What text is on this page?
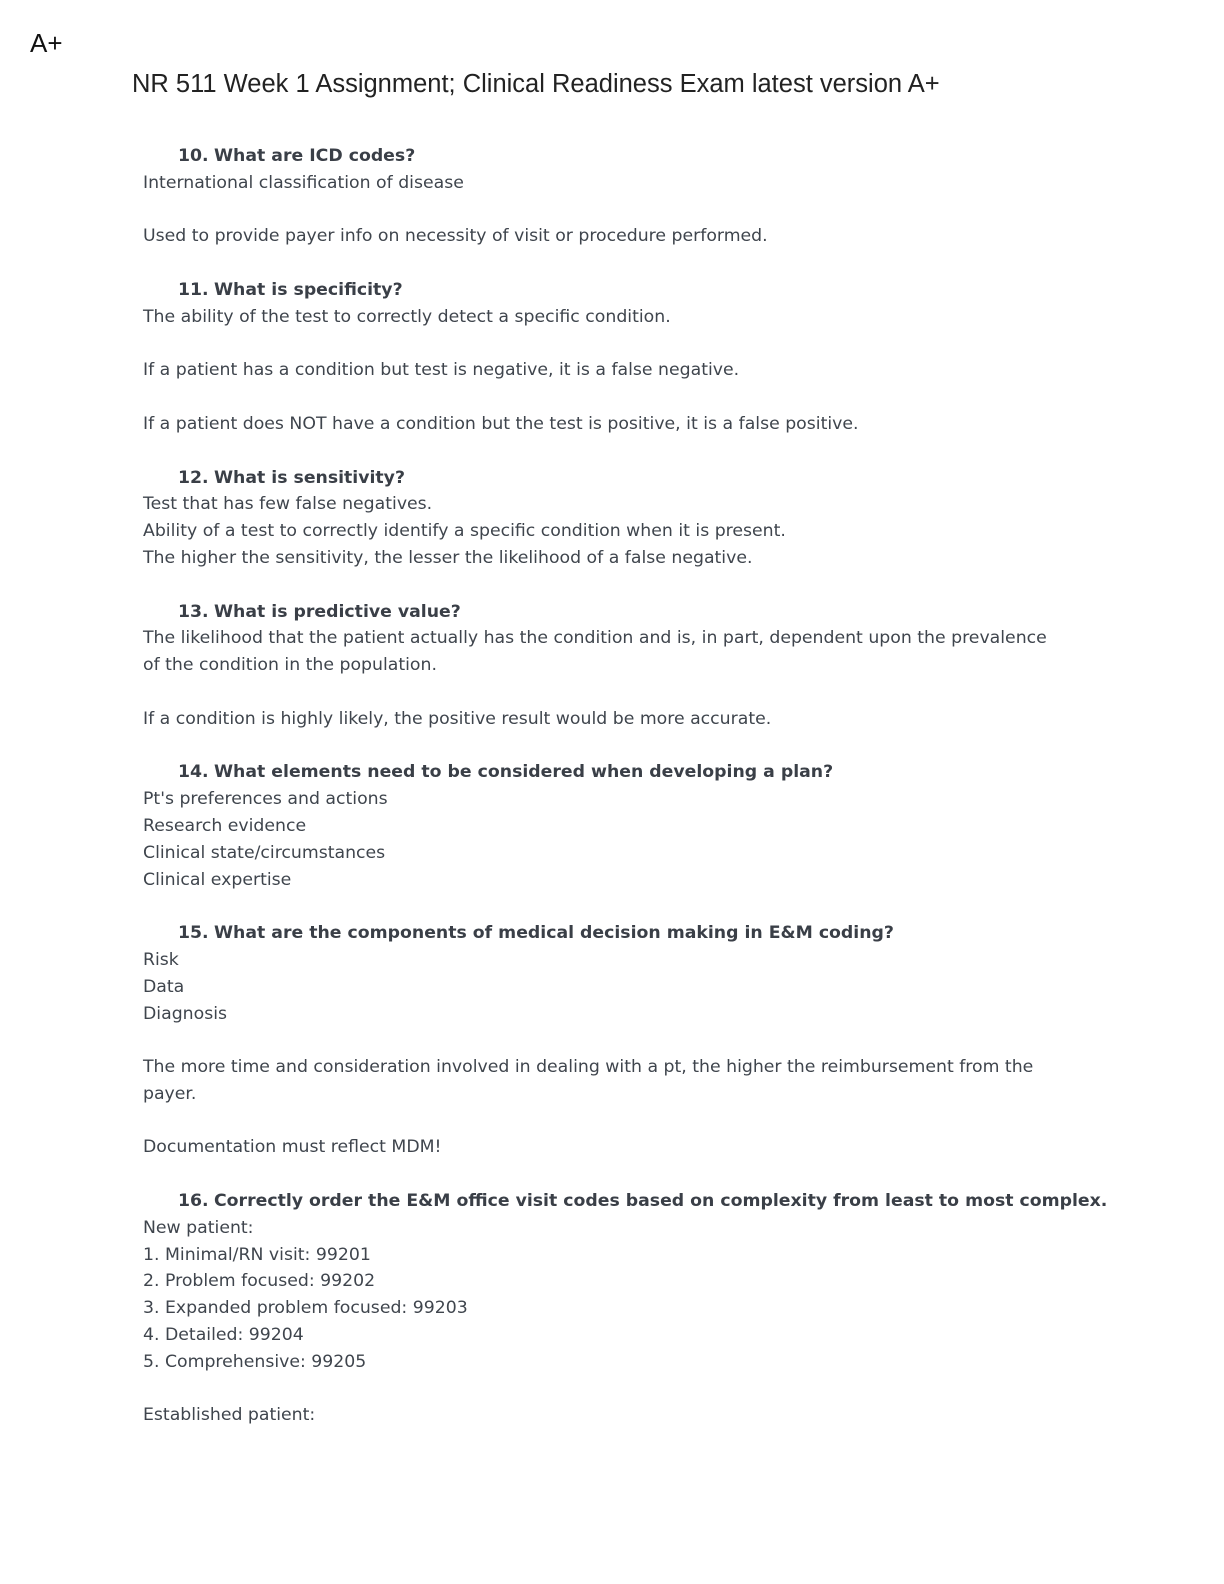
A+
NR 511 Week 1 Assignment; Clinical Readiness Exam latest version A+
10. What are ICD codes?
International classification of disease
Used to provide payer info on necessity of visit or procedure performed.
11. What is specificity?
The ability of the test to correctly detect a specific condition.
If a patient has a condition but test is negative, it is a false negative.
If a patient does NOT have a condition but the test is positive, it is a false positive.
12. What is sensitivity?
Test that has few false negatives.
Ability of a test to correctly identify a specific condition when it is present.
The higher the sensitivity, the lesser the likelihood of a false negative.
13. What is predictive value?
The likelihood that the patient actually has the condition and is, in part, dependent upon the prevalence
of the condition in the population.
If a condition is highly likely, the positive result would be more accurate.
14. What elements need to be considered when developing a plan?
Pt's preferences and actions
Research evidence
Clinical state/circumstances
Clinical expertise
15. What are the components of medical decision making in E&M coding?
Risk
Data
Diagnosis
The more time and consideration involved in dealing with a pt, the higher the reimbursement from the
payer.
Documentation must reflect MDM!
16. Correctly order the E&M office visit codes based on complexity from least to most complex.
New patient:
1. Minimal/RN visit: 99201
2. Problem focused: 99202
3. Expanded problem focused: 99203
4. Detailed: 99204
5. Comprehensive: 99205
Established patient:
